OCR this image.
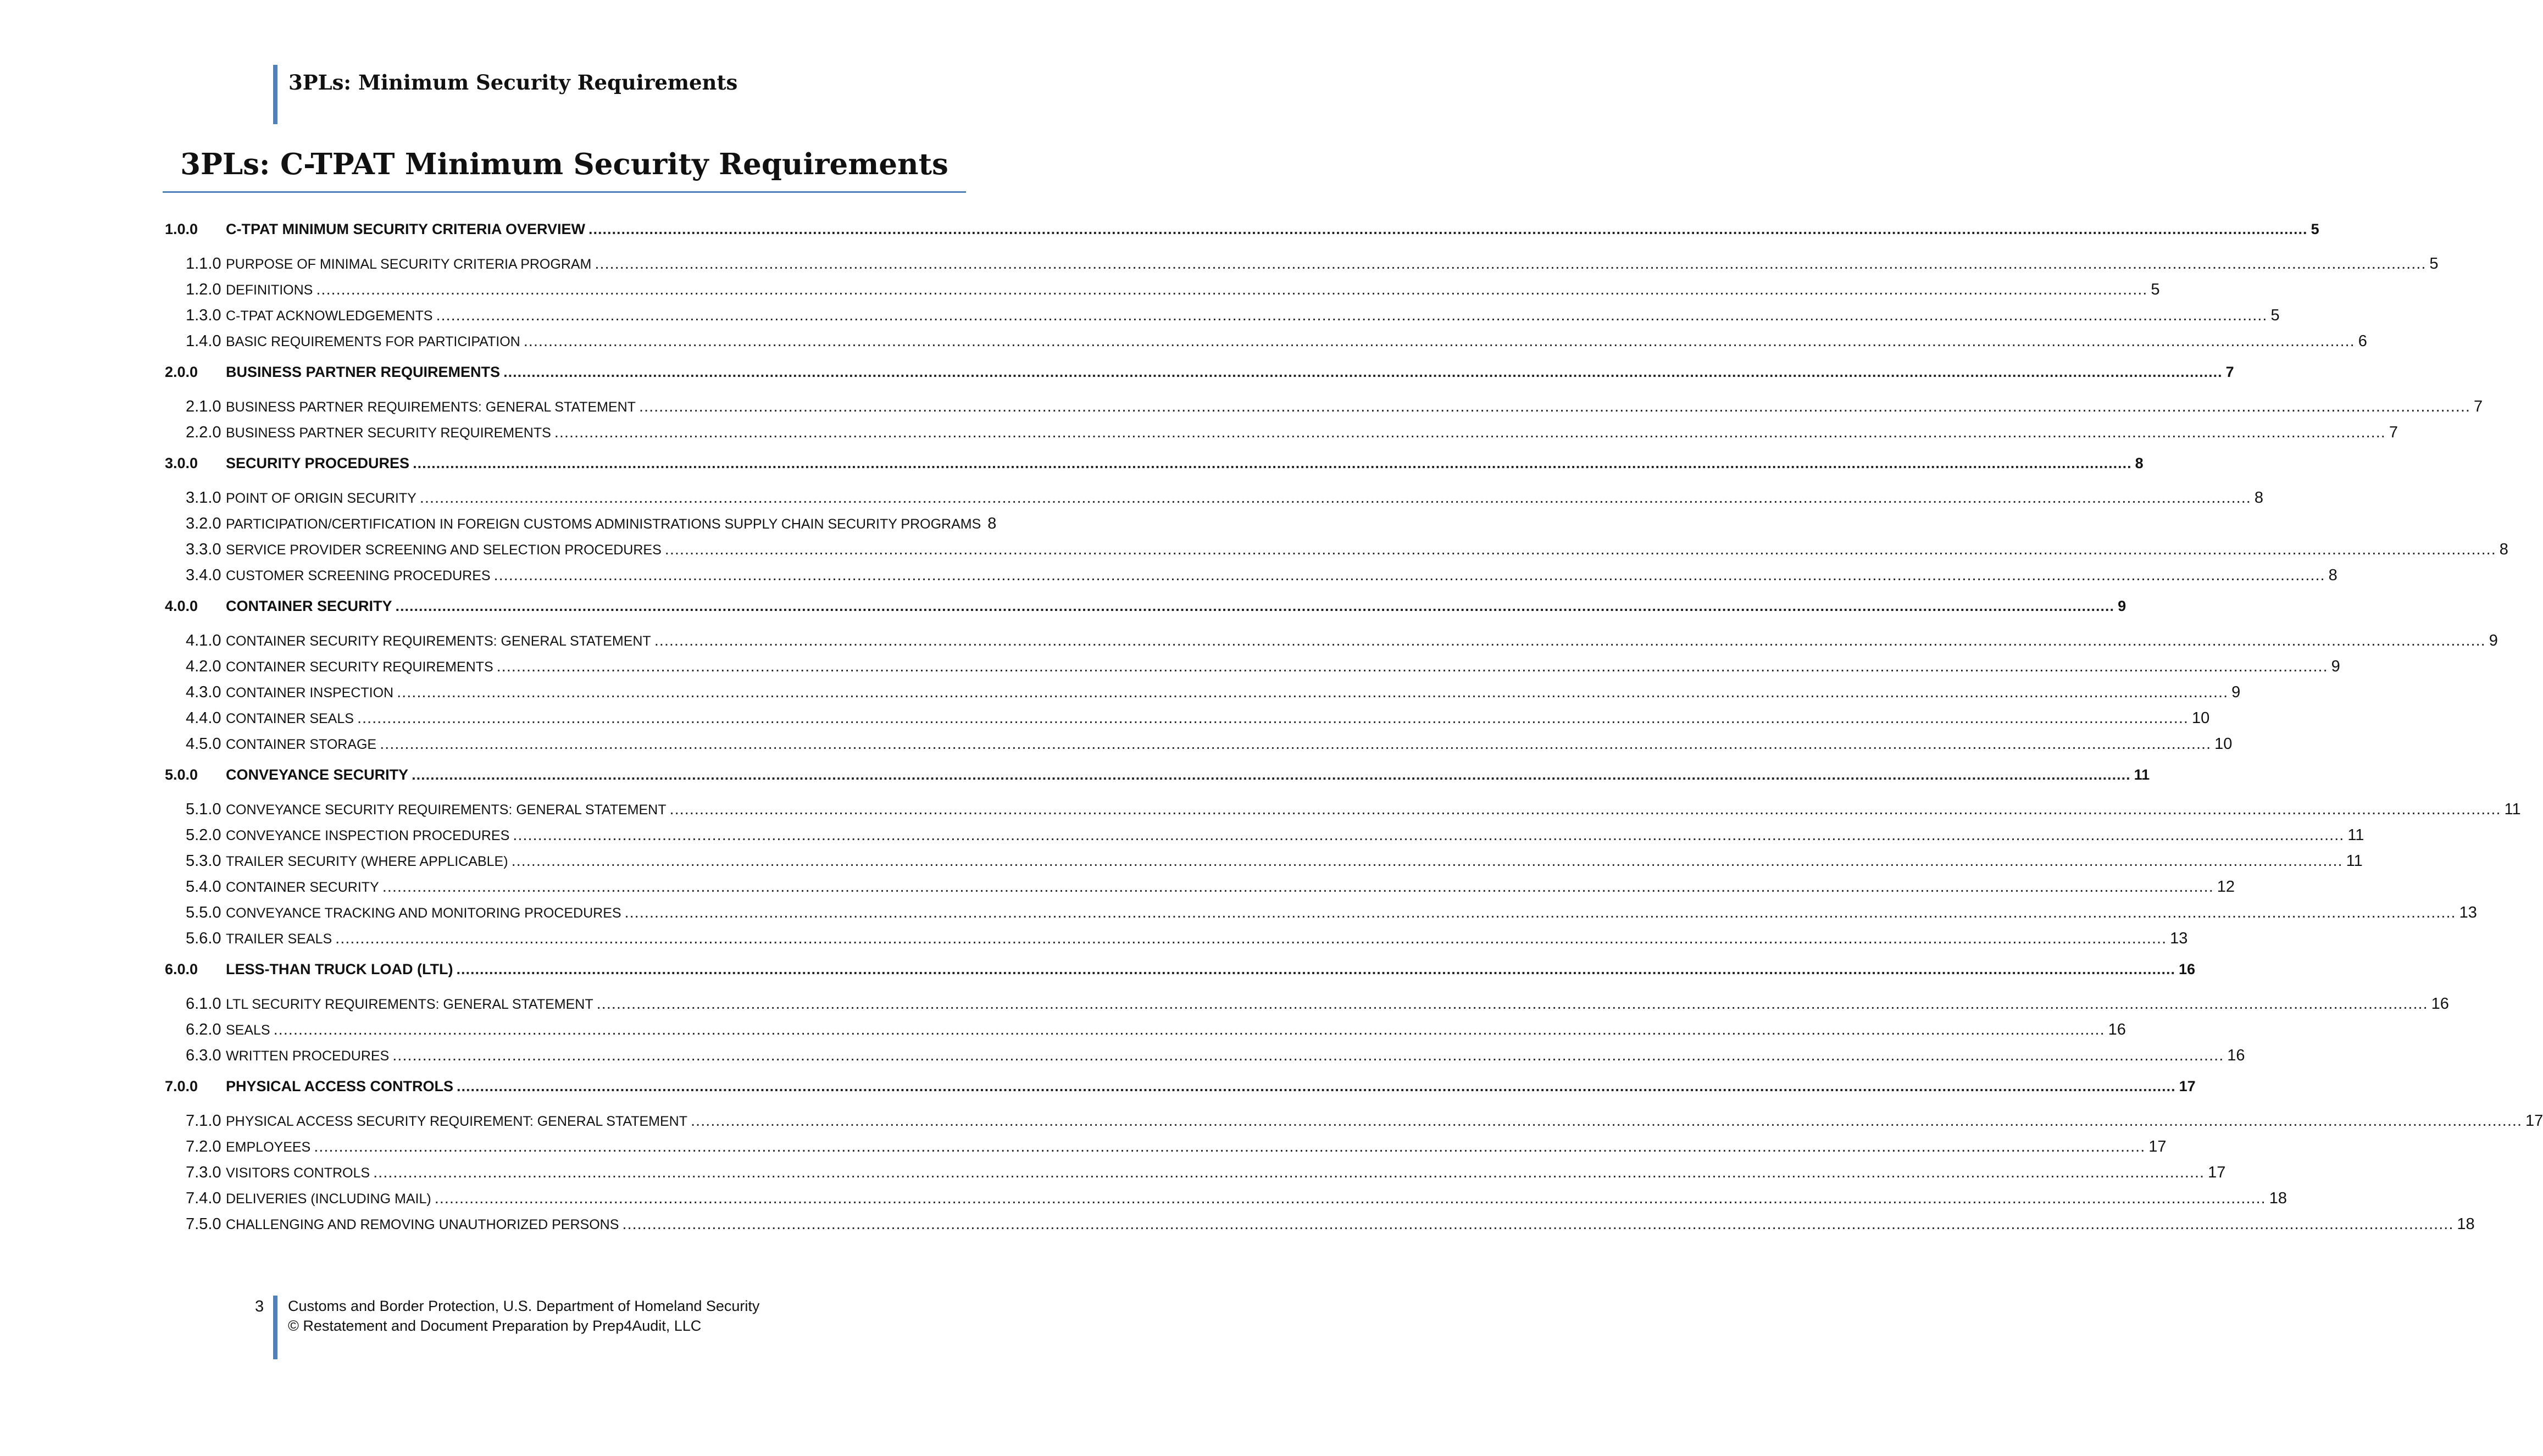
3PLs: Minimum Security Requirements
3PLs: C-TPAT Minimum Security Requirements
1.0.0	C-TPAT MINIMUM SECURITY CRITERIA OVERVIEW .....	5
1.1.0 PURPOSE OF MINIMAL SECURITY CRITERIA PROGRAM .....	5
1.2.0 DEFINITIONS .....	5
1.3.0 C-TPAT ACKNOWLEDGEMENTS .....	5
1.4.0 BASIC REQUIREMENTS FOR PARTICIPATION .....	6
2.0.0	BUSINESS PARTNER REQUIREMENTS .....	7
2.1.0 BUSINESS PARTNER REQUIREMENTS: GENERAL STATEMENT .....	7
2.2.0 BUSINESS PARTNER SECURITY REQUIREMENTS .....	7
3.0.0	SECURITY PROCEDURES .....	8
3.1.0 POINT OF ORIGIN SECURITY .....	8
3.2.0 PARTICIPATION/CERTIFICATION IN FOREIGN CUSTOMS ADMINISTRATIONS SUPPLY CHAIN SECURITY PROGRAMS 8
3.3.0 SERVICE PROVIDER SCREENING AND SELECTION PROCEDURES .....	8
3.4.0 CUSTOMER SCREENING PROCEDURES .....	8
4.0.0	CONTAINER SECURITY .....	9
4.1.0 CONTAINER SECURITY REQUIREMENTS: GENERAL STATEMENT .....	9
4.2.0 CONTAINER SECURITY REQUIREMENTS .....	9
4.3.0 CONTAINER INSPECTION .....	9
4.4.0 CONTAINER SEALS .....	10
4.5.0 CONTAINER STORAGE .....	10
5.0.0	CONVEYANCE SECURITY .....	11
5.1.0 CONVEYANCE SECURITY REQUIREMENTS: GENERAL STATEMENT .....	11
5.2.0 CONVEYANCE INSPECTION PROCEDURES .....	11
5.3.0 TRAILER SECURITY (WHERE APPLICABLE) .....	11
5.4.0 CONTAINER SECURITY .....	12
5.5.0 CONVEYANCE TRACKING AND MONITORING PROCEDURES .....	13
5.6.0 TRAILER SEALS .....	13
6.0.0	LESS-THAN TRUCK LOAD (LTL) .....	16
6.1.0 LTL SECURITY REQUIREMENTS: GENERAL STATEMENT .....	16
6.2.0 SEALS .....	16
6.3.0 WRITTEN PROCEDURES .....	16
7.0.0	PHYSICAL ACCESS CONTROLS .....	17
7.1.0 PHYSICAL ACCESS SECURITY REQUIREMENT: GENERAL STATEMENT .....	17
7.2.0 EMPLOYEES .....	17
7.3.0 VISITORS CONTROLS .....	17
7.4.0 DELIVERIES (INCLUDING MAIL) .....	18
7.5.0 CHALLENGING AND REMOVING UNAUTHORIZED PERSONS .....	18
3 Customs and Border Protection, U.S. Department of Homeland Security
© Restatement and Document Preparation by Prep4Audit, LLC
